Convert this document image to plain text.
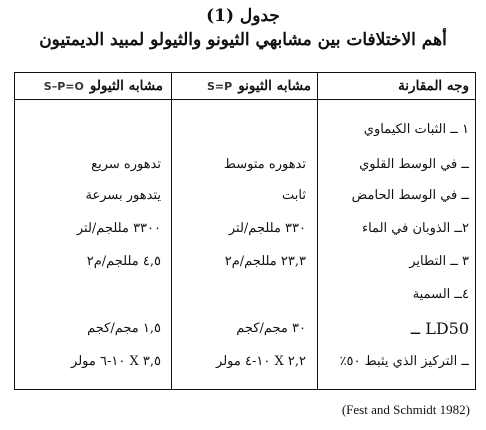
جدول (1)
أهم الاختلافات بين مشابهي الثيونو والثيولو لمبيد الديمتيون
وجه المقارنة
مشابه الثيونوS=P
مشابه الثيولوS–P=O
١ ــ الثبات الكيماوي
ــ في الوسط القلوي
تدهوره متوسط
تدهوره سريع
ــ في الوسط الحامض
ثابت
يتدهور بسرعة
٢ــ الذوبان في الماء
٣٣٠ مللجم/لتر
٣٣٠٠ مللجم/لتر
٣ ــ التطاير
٢٣,٣ مللجم/م٢
٤,٥ مللجم/م٢
٤ــ السمية
LD50 ــ
٣٠ مجم/كجم
١,٥ مجم/كجم
ــ التركيز الذي يثبط ٥٠٪
٢,٢ X ١٠-٤ مولر
٣,٥ X ١٠-٦ مولر
(Fest and Schmidt 1982)
